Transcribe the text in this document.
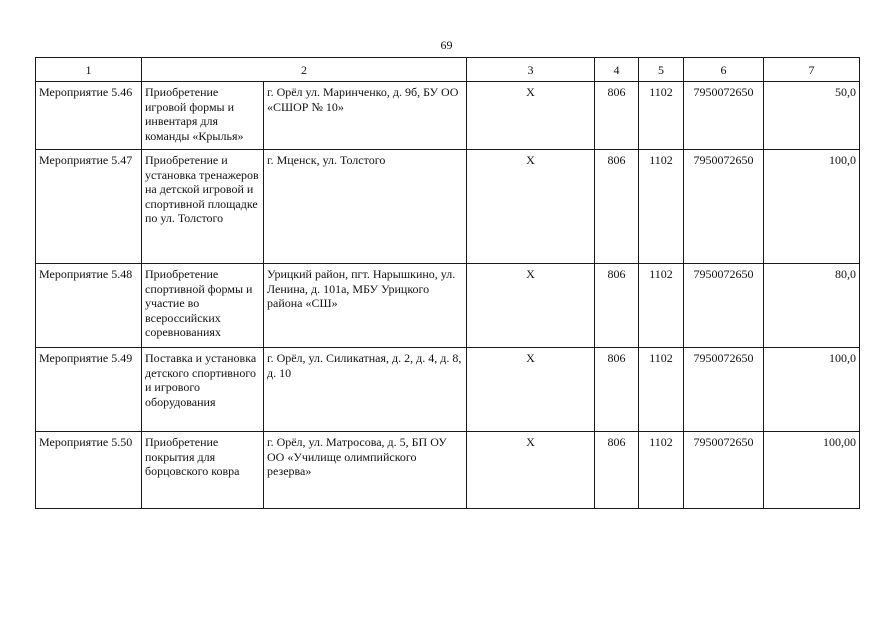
69
1	2		3	4	5	6	7
Мероприятие 5.46	Приобретение игровой формы и инвентаря для команды «Крылья»	г. Орёл ул. Маринченко, д. 9б, БУ ОО «СШОР № 10»	Х	806	1102	7950072650	50,0
Мероприятие 5.47	Приобретение и установка тренажеров на детской игровой и спортивной площадке по ул. Толстого	г. Мценск, ул. Толстого	Х	806	1102	7950072650	100,0
Мероприятие 5.48	Приобретение спортивной формы и участие во всероссийских соревнованиях	Урицкий район, пгт. Нарышкино, ул. Ленина, д. 101а, МБУ Урицкого района «СШ»	Х	806	1102	7950072650	80,0
Мероприятие 5.49	Поставка и установка детского спортивного и игрового оборудования	г. Орёл, ул. Силикатная, д. 2, д. 4, д. 8, д. 10	Х	806	1102	7950072650	100,0
Мероприятие 5.50	Приобретение покрытия для борцовского ковра	г. Орёл, ул. Матросова, д. 5, БП ОУ ОО «Училище олимпийского резерва»	Х	806	1102	7950072650	100,00
